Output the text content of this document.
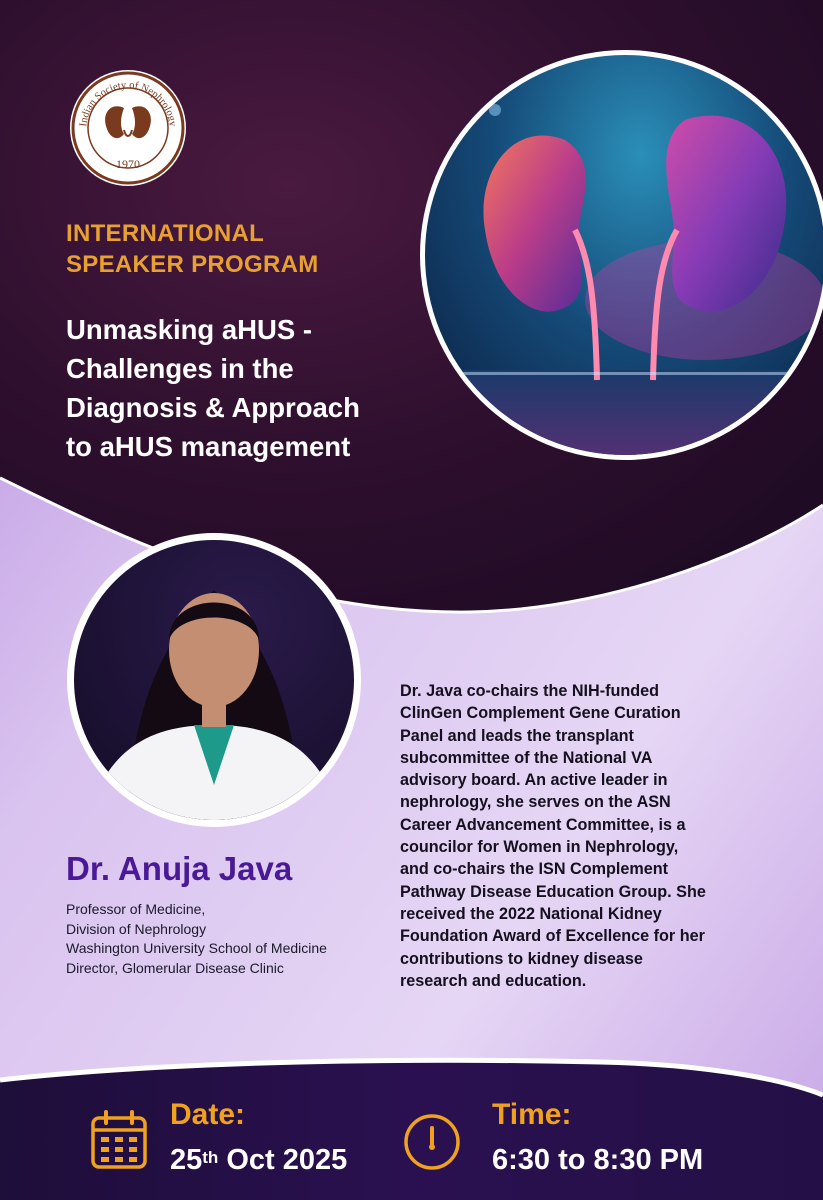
Indian Society of Nephrology
1970
INTERNATIONAL
SPEAKER PROGRAM
Unmasking aHUS -
Challenges in the
Diagnosis & Approach
to aHUS management
Dr. Anuja Java
Professor of Medicine,
Division of Nephrology
Washington University School of Medicine
Director, Glomerular Disease Clinic
Dr. Java co-chairs the NIH-funded
ClinGen Complement Gene Curation
Panel and leads the transplant
subcommittee of the National VA
advisory board. An active leader in
nephrology, she serves on the ASN
Career Advancement Committee, is a
councilor for Women in Nephrology,
and co-chairs the ISN Complement
Pathway Disease Education Group. She
received the 2022 National Kidney
Foundation Award of Excellence for her
contributions to kidney disease
research and education.
Date:
25th Oct 2025
Time:
6:30 to 8:30 PM
